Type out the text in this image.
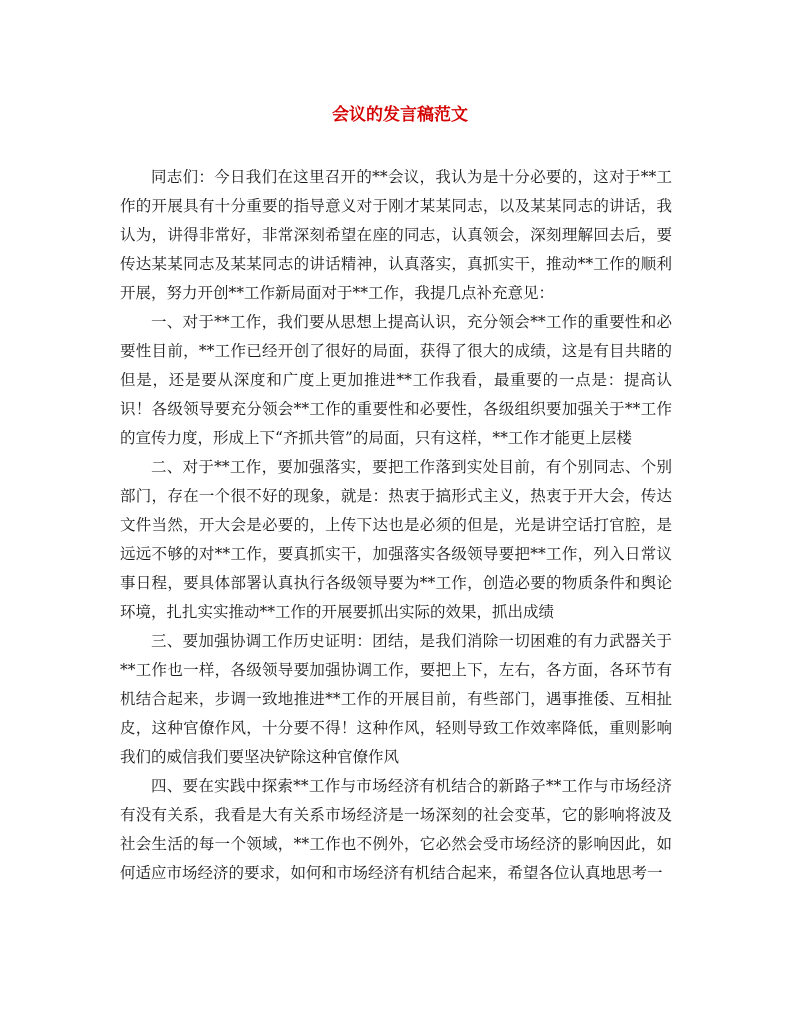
会议的发言稿范文

同志们：今日我们在这里召开的**会议，我认为是十分必要的，这对于**工作的开展具有十分重要的指导意义对于刚才某某同志，以及某某同志的讲话，我认为，讲得非常好，非常深刻希望在座的同志，认真领会，深刻理解回去后，要传达某某同志及某某同志的讲话精神，认真落实，真抓实干，推动**工作的顺利开展，努力开创**工作新局面对于**工作，我提几点补充意见：

一、对于**工作，我们要从思想上提高认识，充分领会**工作的重要性和必要性目前，**工作已经开创了很好的局面，获得了很大的成绩，这是有目共睹的但是，还是要从深度和广度上更加推进**工作我看，最重要的一点是：提高认识！各级领导要充分领会**工作的重要性和必要性，各级组织要加强关于**工作的宣传力度，形成上下“齐抓共管”的局面，只有这样，**工作才能更上层楼

二、对于**工作，要加强落实，要把工作落到实处目前，有个别同志、个别部门，存在一个很不好的现象，就是：热衷于搞形式主义，热衷于开大会，传达文件当然，开大会是必要的，上传下达也是必须的但是，光是讲空话打官腔，是远远不够的对**工作，要真抓实干，加强落实各级领导要把**工作，列入日常议事日程，要具体部署认真执行各级领导要为**工作，创造必要的物质条件和舆论环境，扎扎实实推动**工作的开展要抓出实际的效果，抓出成绩

三、要加强协调工作历史证明：团结，是我们消除一切困难的有力武器关于**工作也一样，各级领导要加强协调工作，要把上下，左右，各方面，各环节有机结合起来，步调一致地推进**工作的开展目前，有些部门，遇事推倭、互相扯皮，这种官僚作风，十分要不得！这种作风，轻则导致工作效率降低，重则影响我们的威信我们要坚决铲除这种官僚作风

四、要在实践中探索**工作与市场经济有机结合的新路子**工作与市场经济有没有关系，我看是大有关系市场经济是一场深刻的社会变革，它的影响将波及社会生活的每一个领域，**工作也不例外，它必然会受市场经济的影响因此，如何适应市场经济的要求，如何和市场经济有机结合起来，希望各位认真地思考一
